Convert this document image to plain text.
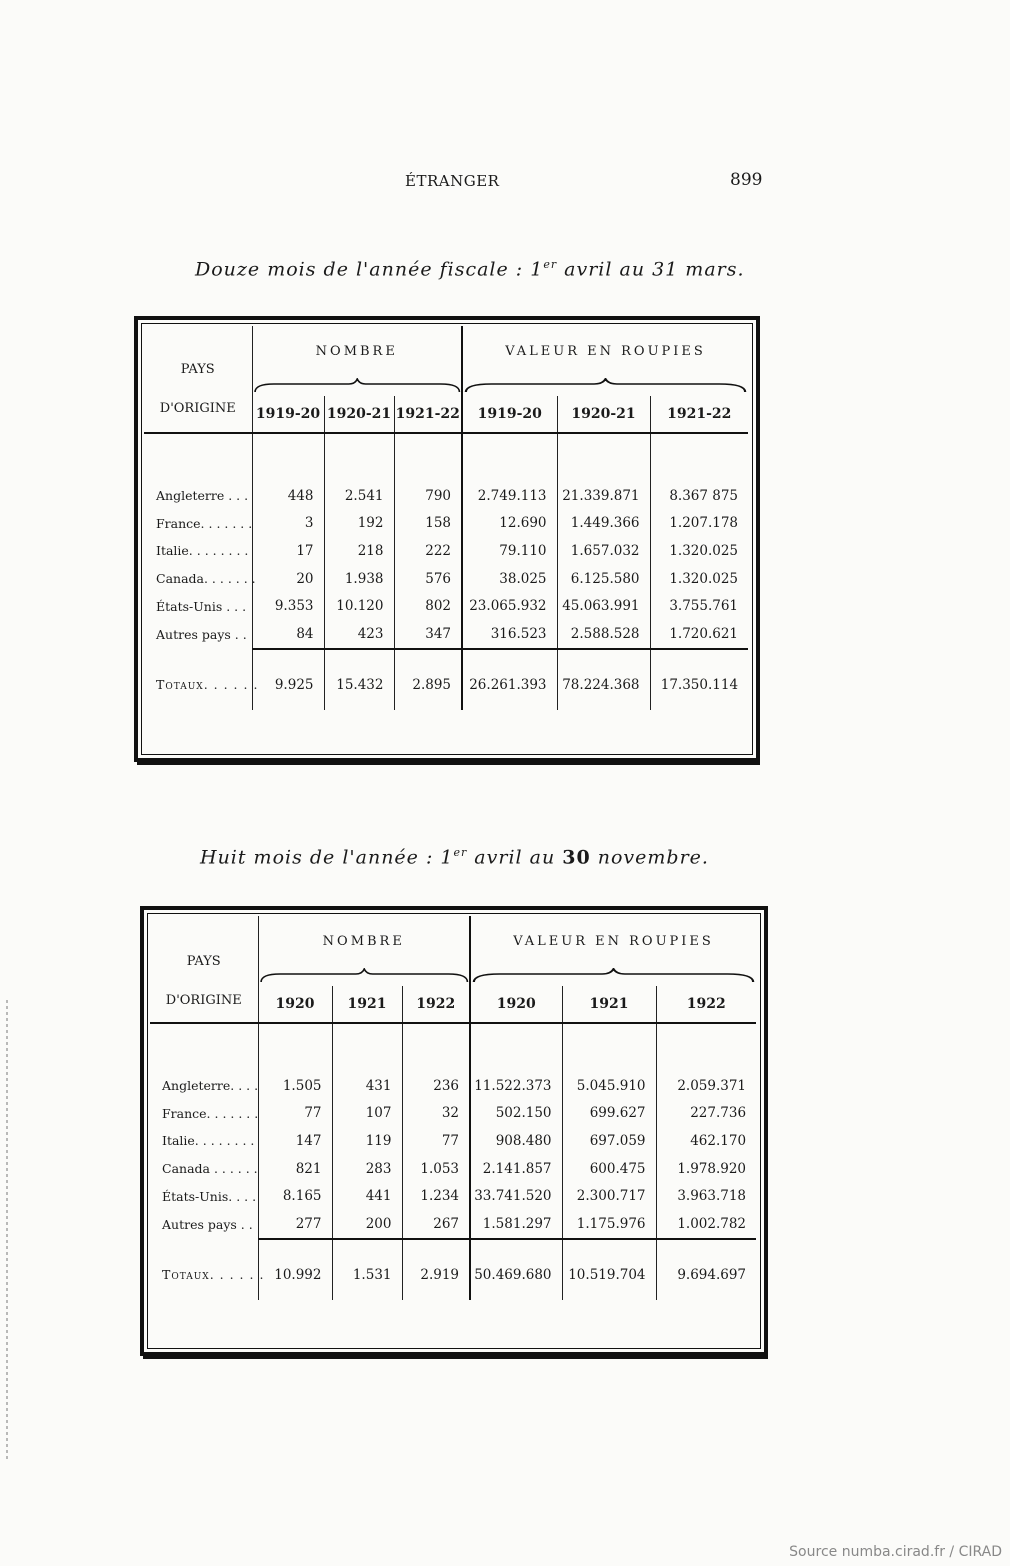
ÉTRANGER	899
Douze mois de l'année fiscale : 1er avril au 31 mars.
PAYS
D'ORIGINE	NOMBRE			VALEUR EN ROUPIES		

	1919-20	1920-21	1921-22	1919-20	1920-21	1921-22

Angleterre . . .	448	2.541	790	2.749.113	21.339.871	8.367 875
France. . . . . . .	3	192	158	12.690	1.449.366	1.207.178
Italie. . . . . . . .	17	218	222	79.110	1.657.032	1.320.025
Canada. . . . . . .	20	1.938	576	38.025	6.125.580	1.320.025
États-Unis . . .	9.353	10.120	802	23.065.932	45.063.991	3.755.761
Autres pays . .	84	423	347	316.523	2.588.528	1.720.621

Totaux. . . . . .	9.925	15.432	2.895	26.261.393	78.224.368	17.350.114
Huit mois de l'année : 1er avril au 30 novembre.
PAYS
D'ORIGINE	NOMBRE			VALEUR EN ROUPIES		

	1920	1921	1922	1920	1921	1922

Angleterre. . . .	1.505	431	236	11.522.373	5.045.910	2.059.371
France. . . . . . .	77	107	32	502.150	699.627	227.736
Italie. . . . . . . .	147	119	77	908.480	697.059	462.170
Canada . . . . . .	821	283	1.053	2.141.857	600.475	1.978.920
États-Unis. . . .	8.165	441	1.234	33.741.520	2.300.717	3.963.718
Autres pays . .	277	200	267	1.581.297	1.175.976	1.002.782

Totaux. . . . . .	10.992	1.531	2.919	50.469.680	10.519.704	9.694.697
Source numba.cirad.fr / CIRAD
